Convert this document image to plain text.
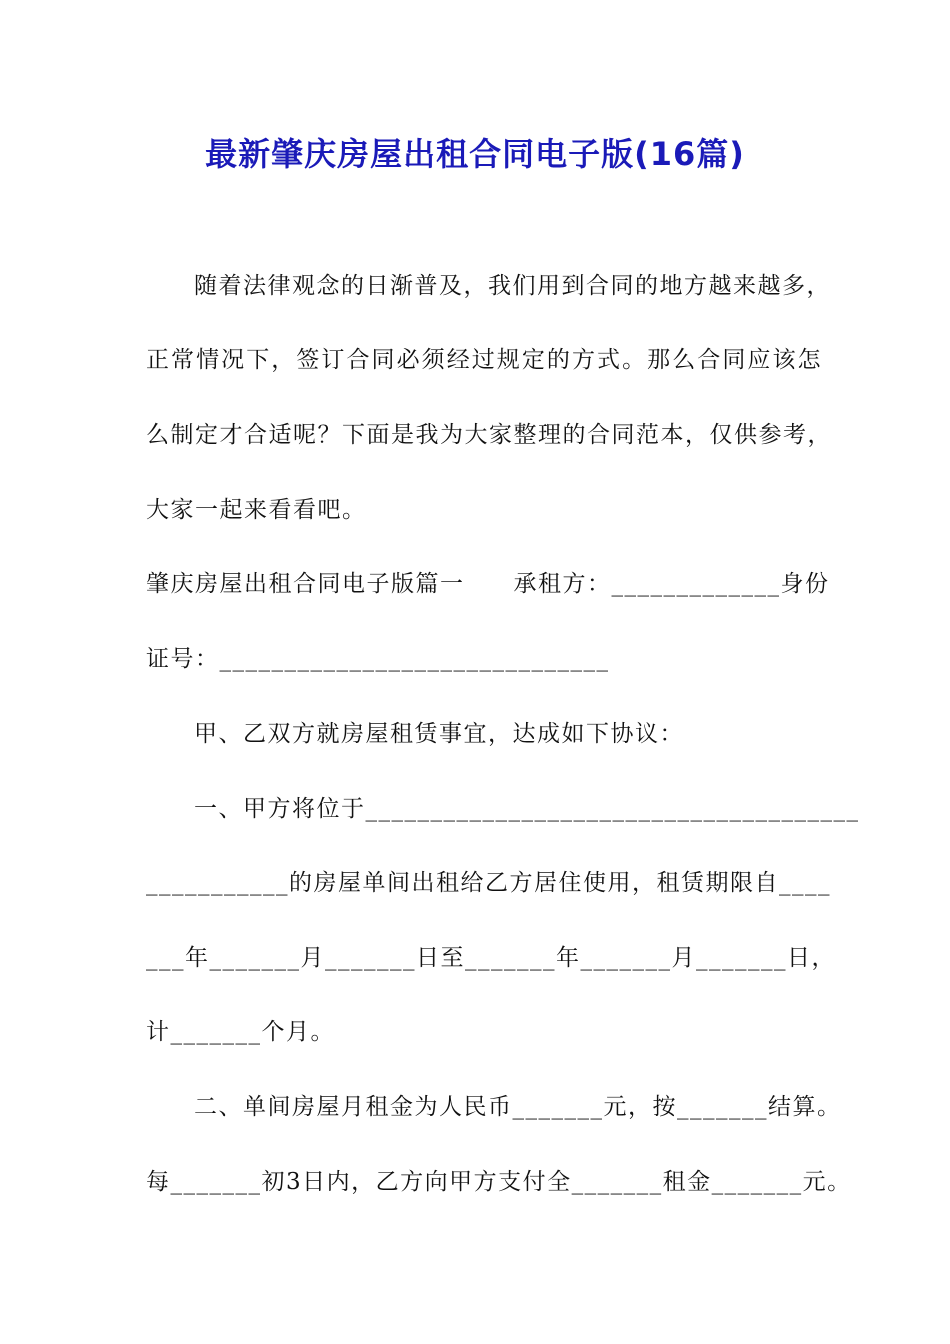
最新肇庆房屋出租合同电子版(16篇)
随着法律观念的日渐普及，我们用到合同的地方越来越多，
正常情况下，签订合同必须经过规定的方式。那么合同应该怎
么制定才合适呢？下面是我为大家整理的合同范本，仅供参考，
大家一起来看看吧。
肇庆房屋出租合同电子版篇一　　承租方：_____________身份
证号：______________________________
甲、乙双方就房屋租赁事宜，达成如下协议：
一、甲方将位于______________________________________
___________的房屋单间出租给乙方居住使用，租赁期限自____
___年_______月_______日至_______年_______月_______日，
计_______个月。
二、单间房屋月租金为人民币_______元，按_______结算。
每_______初3日内，乙方向甲方支付全_______租金_______元。
